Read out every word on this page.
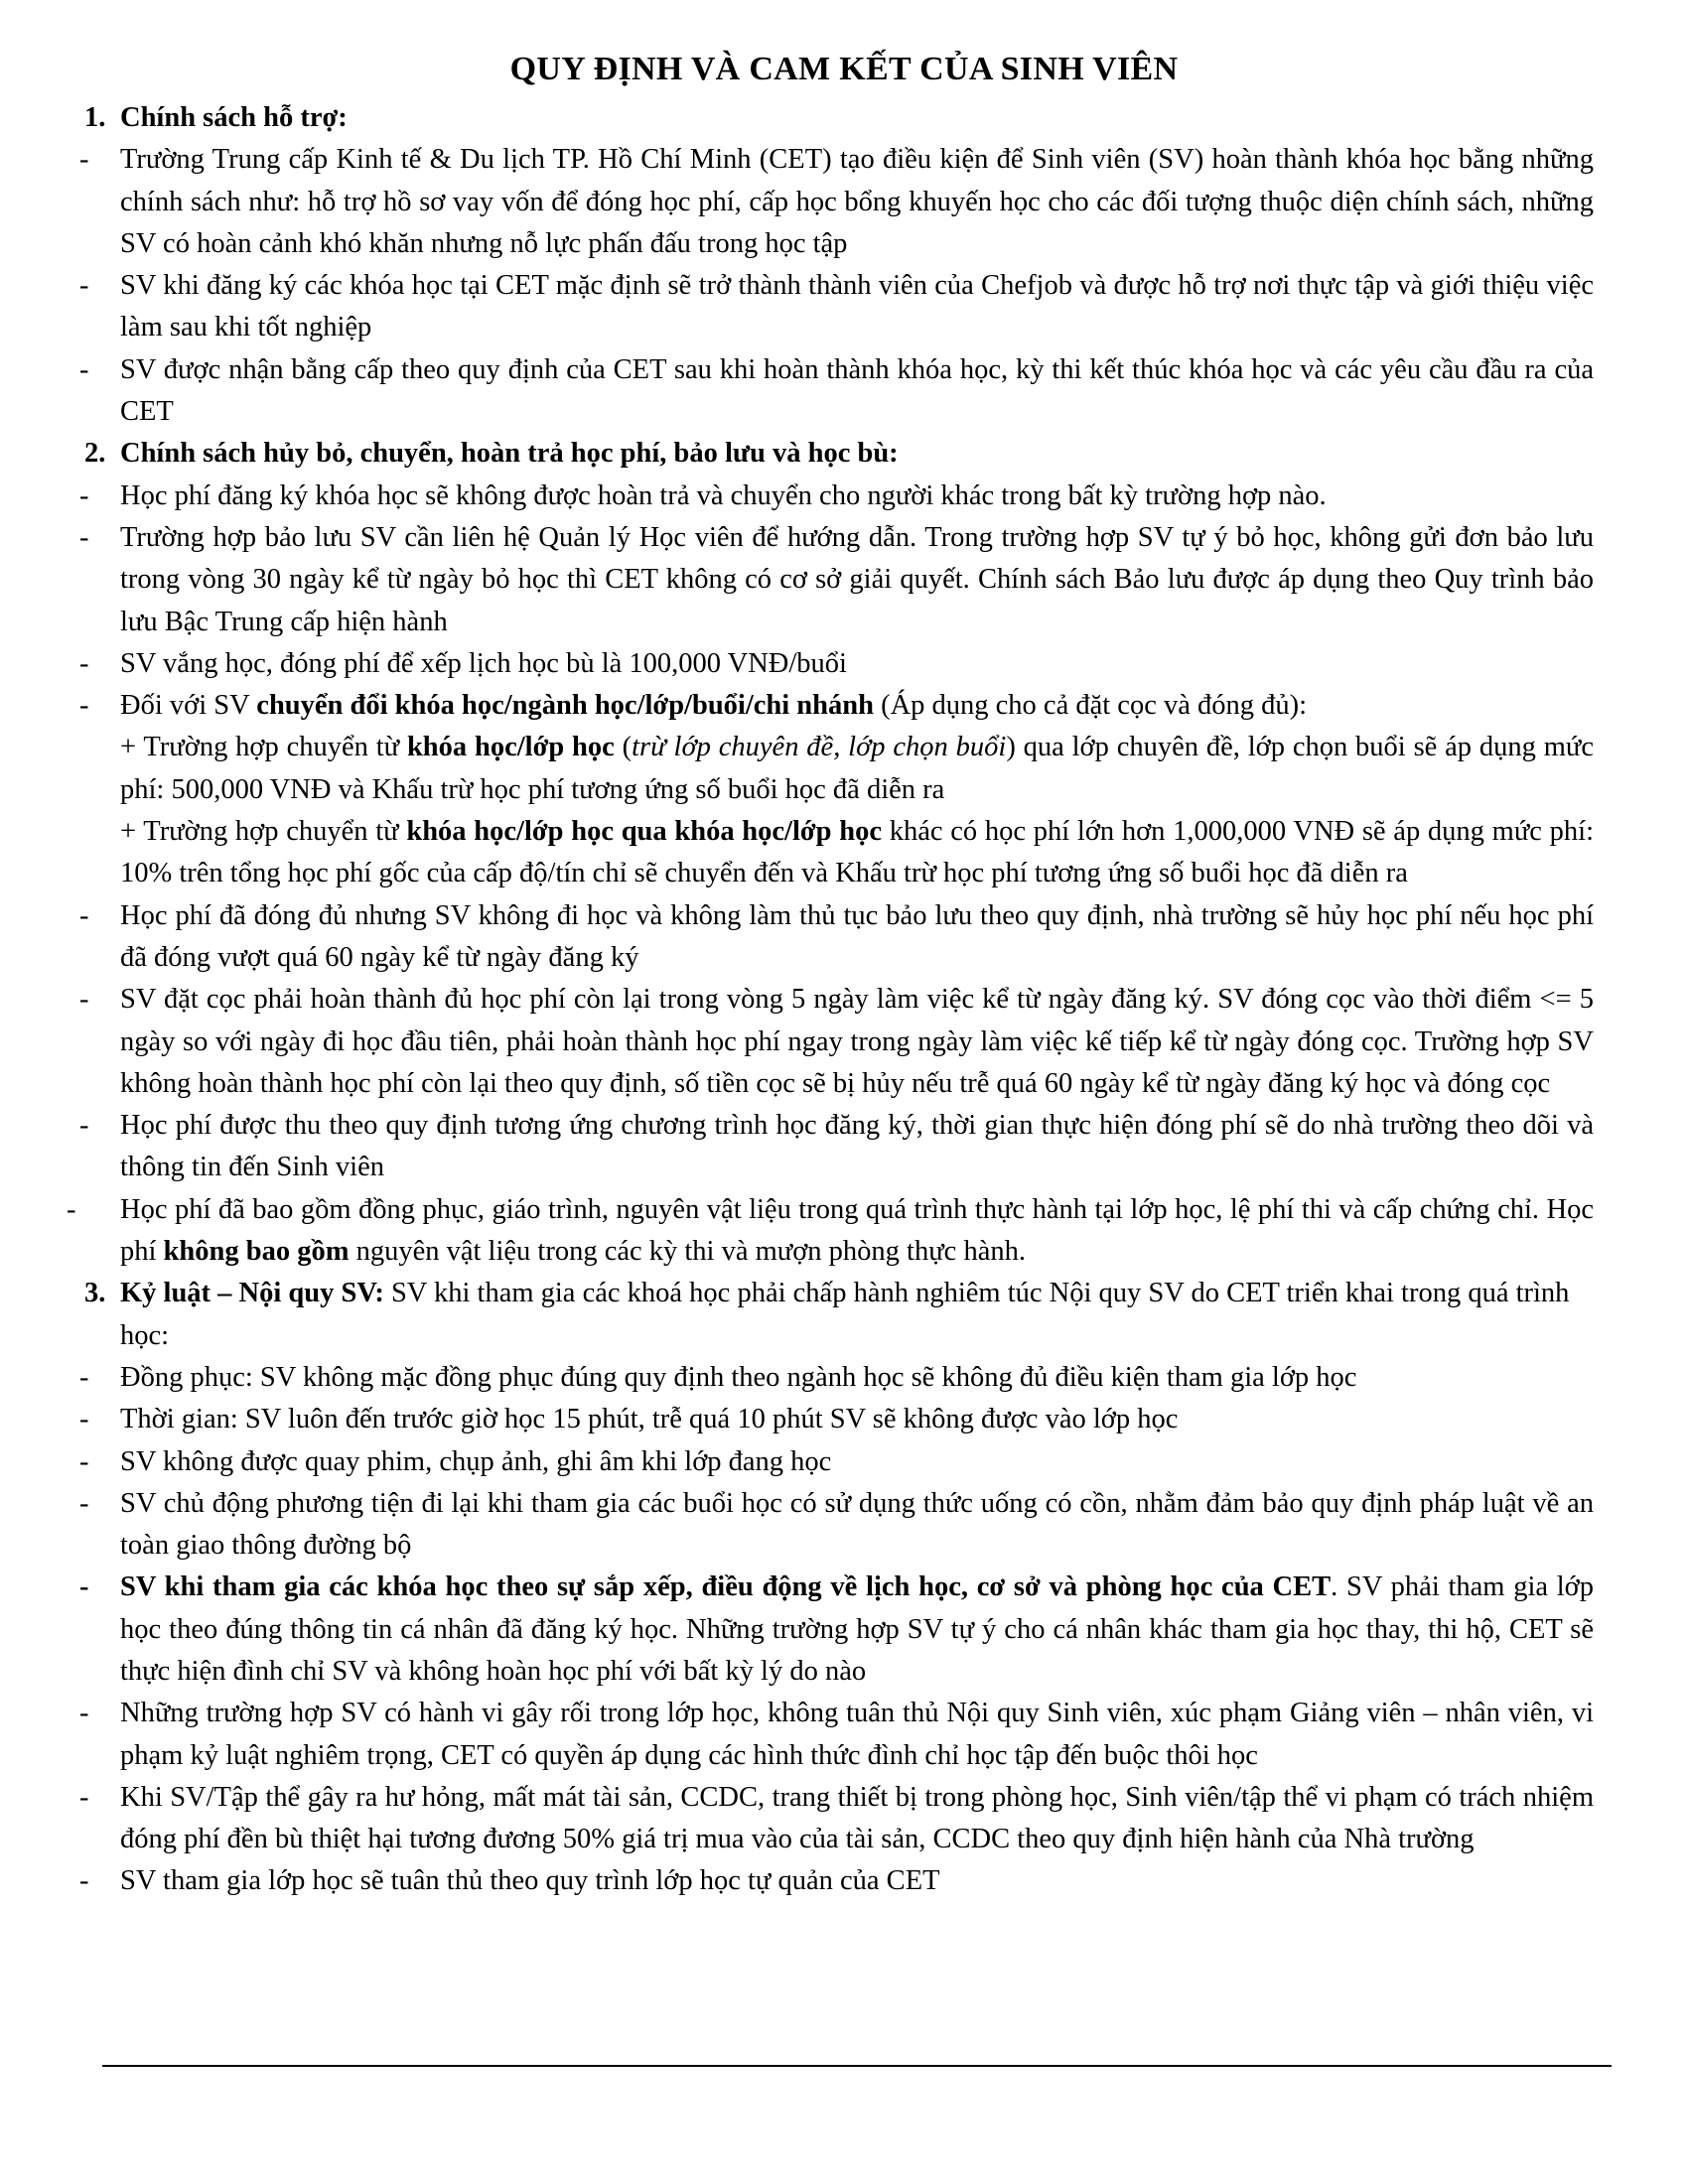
QUY ĐỊNH VÀ CAM KẾT CỦA SINH VIÊN
1. Chính sách hỗ trợ:
- Trường Trung cấp Kinh tế & Du lịch TP. Hồ Chí Minh (CET) tạo điều kiện để Sinh viên (SV) hoàn thành khóa học bằng những chính sách như: hỗ trợ hồ sơ vay vốn để đóng học phí, cấp học bổng khuyến học cho các đối tượng thuộc diện chính sách, những SV có hoàn cảnh khó khăn nhưng nỗ lực phấn đấu trong học tập
- SV khi đăng ký các khóa học tại CET mặc định sẽ trở thành thành viên của Chefjob và được hỗ trợ nơi thực tập và giới thiệu việc làm sau khi tốt nghiệp
- SV được nhận bằng cấp theo quy định của CET sau khi hoàn thành khóa học, kỳ thi kết thúc khóa học và các yêu cầu đầu ra của CET
2. Chính sách hủy bỏ, chuyển, hoàn trả học phí, bảo lưu và học bù:
- Học phí đăng ký khóa học sẽ không được hoàn trả và chuyển cho người khác trong bất kỳ trường hợp nào.
- Trường hợp bảo lưu SV cần liên hệ Quản lý Học viên để hướng dẫn. Trong trường hợp SV tự ý bỏ học, không gửi đơn bảo lưu trong vòng 30 ngày kể từ ngày bỏ học thì CET không có cơ sở giải quyết. Chính sách Bảo lưu được áp dụng theo Quy trình bảo lưu Bậc Trung cấp hiện hành
- SV vắng học, đóng phí để xếp lịch học bù là 100,000 VNĐ/buổi
- Đối với SV chuyển đổi khóa học/ngành học/lớp/buổi/chi nhánh (Áp dụng cho cả đặt cọc và đóng đủ):
+ Trường hợp chuyển từ khóa học/lớp học (trừ lớp chuyên đề, lớp chọn buổi) qua lớp chuyên đề, lớp chọn buổi sẽ áp dụng mức phí: 500,000 VNĐ và Khấu trừ học phí tương ứng số buổi học đã diễn ra
+ Trường hợp chuyển từ khóa học/lớp học qua khóa học/lớp học khác có học phí lớn hơn 1,000,000 VNĐ sẽ áp dụng mức phí: 10% trên tổng học phí gốc của cấp độ/tín chỉ sẽ chuyển đến và Khấu trừ học phí tương ứng số buổi học đã diễn ra
- Học phí đã đóng đủ nhưng SV không đi học và không làm thủ tục bảo lưu theo quy định, nhà trường sẽ hủy học phí nếu học phí đã đóng vượt quá 60 ngày kể từ ngày đăng ký
- SV đặt cọc phải hoàn thành đủ học phí còn lại trong vòng 5 ngày làm việc kể từ ngày đăng ký. SV đóng cọc vào thời điểm <= 5 ngày so với ngày đi học đầu tiên, phải hoàn thành học phí ngay trong ngày làm việc kế tiếp kể từ ngày đóng cọc. Trường hợp SV không hoàn thành học phí còn lại theo quy định, số tiền cọc sẽ bị hủy nếu trễ quá 60 ngày kể từ ngày đăng ký học và đóng cọc
- Học phí được thu theo quy định tương ứng chương trình học đăng ký, thời gian thực hiện đóng phí sẽ do nhà trường theo dõi và thông tin đến Sinh viên
- Học phí đã bao gồm đồng phục, giáo trình, nguyên vật liệu trong quá trình thực hành tại lớp học, lệ phí thi và cấp chứng chỉ. Học phí không bao gồm nguyên vật liệu trong các kỳ thi và mượn phòng thực hành.
3. Kỷ luật – Nội quy SV: SV khi tham gia các khoá học phải chấp hành nghiêm túc Nội quy SV do CET triển khai trong quá trình học:
- Đồng phục: SV không mặc đồng phục đúng quy định theo ngành học sẽ không đủ điều kiện tham gia lớp học
- Thời gian: SV luôn đến trước giờ học 15 phút, trễ quá 10 phút SV sẽ không được vào lớp học
- SV không được quay phim, chụp ảnh, ghi âm khi lớp đang học
- SV chủ động phương tiện đi lại khi tham gia các buổi học có sử dụng thức uống có cồn, nhằm đảm bảo quy định pháp luật về an toàn giao thông đường bộ
- SV khi tham gia các khóa học theo sự sắp xếp, điều động về lịch học, cơ sở và phòng học của CET. SV phải tham gia lớp học theo đúng thông tin cá nhân đã đăng ký học. Những trường hợp SV tự ý cho cá nhân khác tham gia học thay, thi hộ, CET sẽ thực hiện đình chỉ SV và không hoàn học phí với bất kỳ lý do nào
- Những trường hợp SV có hành vi gây rối trong lớp học, không tuân thủ Nội quy Sinh viên, xúc phạm Giảng viên – nhân viên, vi phạm kỷ luật nghiêm trọng, CET có quyền áp dụng các hình thức đình chỉ học tập đến buộc thôi học
- Khi SV/Tập thể gây ra hư hỏng, mất mát tài sản, CCDC, trang thiết bị trong phòng học, Sinh viên/tập thể vi phạm có trách nhiệm đóng phí đền bù thiệt hại tương đương 50% giá trị mua vào của tài sản, CCDC theo quy định hiện hành của Nhà trường
- SV tham gia lớp học sẽ tuân thủ theo quy trình lớp học tự quản của CET
